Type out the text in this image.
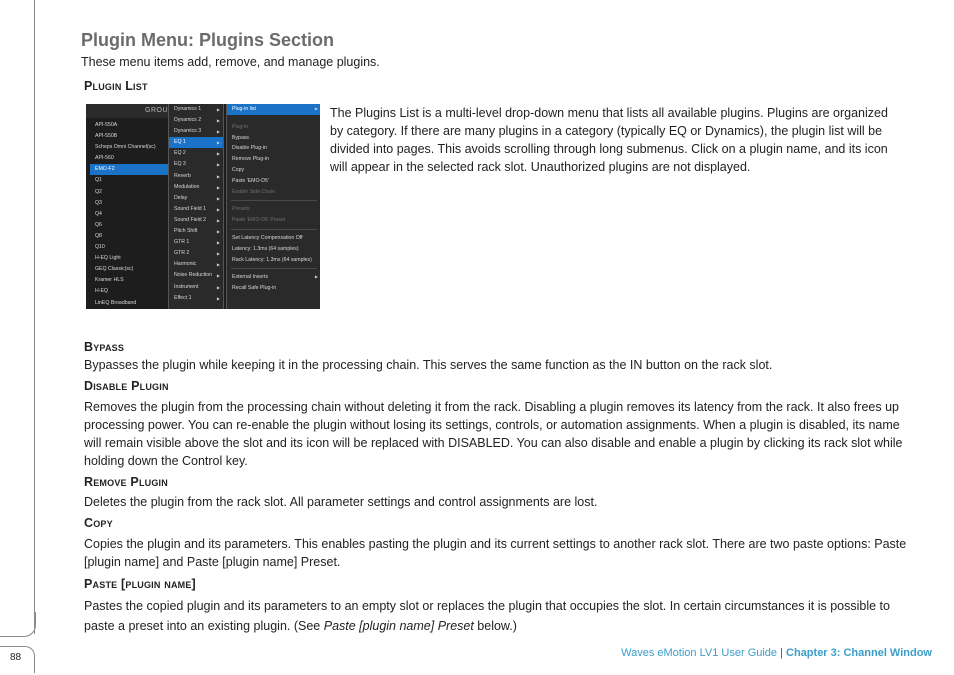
88
Plugin Menu: Plugins Section

These menu items add, remove, and manage plugins.

Plugin List
GROU
API-550A
API-550B
Scheps Omni Channel(sc)
API-560
EMO-F2
Q1
Q2
Q3
Q4
Q6
Q8
Q10
H-EQ Light
GEQ Classic(sc)
Kramer HLS
H-EQ
LinEQ Broadband
Dynamics 1	▶
Dynamics 2	▶
Dynamics 3	▶
EQ 1	▶
EQ 2	▶
EQ 3	▶
Reverb	▶
Modulation	▶
Delay	▶
Sound Field 1	▶
Sound Field 2	▶
Pitch Shift	▶
GTR 1	▶
GTR 2	▶
Harmonic	▶
Noise Reduction ▶
Instrument	▶
Effect 1	▶
Plug-in list	▶
Plug-in
Bypass
Disable Plug-in
Remove Plug-in
Copy
Paste 'EMO-D5'
Enable Side Chain
Presets
Paste 'EMO-D5' Preset
Set Latency Compensation Off
Latency: 1.3ms (64 samples)
Rack Latency: 1.3ms (64 samples)
External Inserts	▶
Recall Safe Plug-in

The Plugins List is a multi-level drop-down menu that lists all available plugins. Plugins are organized by category. If there are many plugins in a category (typically EQ or Dynamics), the plugin list will be divided into pages. This avoids scrolling through long submenus. Click on a plugin name, and its icon will appear in the selected rack slot. Unauthorized plugins are not displayed.

Bypass

Bypasses the plugin while keeping it in the processing chain. This serves the same function as the IN button on the rack slot.

Disable Plugin

Removes the plugin from the processing chain without deleting it from the rack. Disabling a plugin removes its latency from the rack. It also frees up processing power. You can re-enable the plugin without losing its settings, controls, or automation assignments. When a plugin is disabled, its name will remain visible above the slot and its icon will be replaced with DISABLED. You can also disable and enable a plugin by clicking its rack slot while holding down the Control key.

Remove Plugin

Deletes the plugin from the rack slot. All parameter settings and control assignments are lost.

Copy

Copies the plugin and its parameters. This enables pasting the plugin and its current settings to another rack slot. There are two paste options: Paste [plugin name] and Paste [plugin name] Preset.

Paste [plugin name]

Pastes the copied plugin and its parameters to an empty slot or replaces the plugin that occupies the slot. In certain circumstances it is possible to paste a preset into an existing plugin. (See Paste [plugin name] Preset below.)

Waves eMotion LV1 User Guide | Chapter 3: Channel Window
